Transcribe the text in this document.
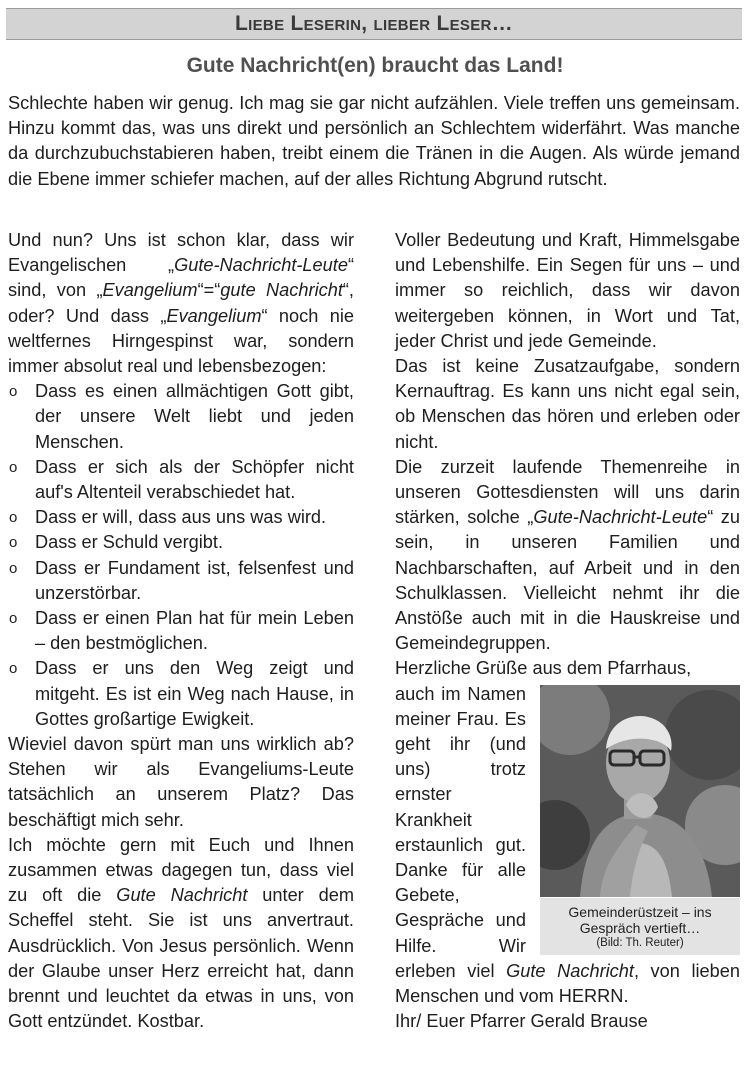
Liebe Leserin, lieber Leser…
Gute Nachricht(en) braucht das Land!

Schlechte haben wir genug. Ich mag sie gar nicht aufzählen. Viele treffen uns gemeinsam. Hinzu kommt das, was uns direkt und persönlich an Schlechtem widerfährt. Was manche da durchzubuchstabieren haben, treibt einem die Tränen in die Augen. Als würde jemand die Ebene immer schiefer machen, auf der alles Richtung Abgrund rutscht.

Und nun? Uns ist schon klar, dass wir Evangelischen „Gute-Nachricht-Leute“ sind, von „Evangelium“=“gute Nachricht“, oder? Und dass „Evangelium“ noch nie weltfernes Hirngespinst war, sondern immer absolut real und lebensbezogen:

o Dass es einen allmächtigen Gott gibt, der unsere Welt liebt und jeden Menschen.
o Dass er sich als der Schöpfer nicht auf's Altenteil verabschiedet hat.
o Dass er will, dass aus uns was wird.
o Dass er Schuld vergibt.
o Dass er Fundament ist, felsenfest und unzerstörbar.
o Dass er einen Plan hat für mein Leben – den bestmöglichen.
o Dass er uns den Weg zeigt und mitgeht. Es ist ein Weg nach Hause, in Gottes großartige Ewigkeit.

Wieviel davon spürt man uns wirklich ab? Stehen wir als Evangeliums-Leute tatsächlich an unserem Platz? Das beschäftigt mich sehr.

Ich möchte gern mit Euch und Ihnen zusammen etwas dagegen tun, dass viel zu oft die Gute Nachricht unter dem Scheffel steht. Sie ist uns anvertraut. Ausdrücklich. Von Jesus persönlich. Wenn der Glaube unser Herz erreicht hat, dann brennt und leuchtet da etwas in uns, von Gott entzündet. Kostbar.

Voller Bedeutung und Kraft, Himmelsgabe und Lebenshilfe. Ein Segen für uns – und immer so reichlich, dass wir davon weitergeben können, in Wort und Tat, jeder Christ und jede Gemeinde.

Das ist keine Zusatzaufgabe, sondern Kernauftrag. Es kann uns nicht egal sein, ob Menschen das hören und erleben oder nicht.

Die zurzeit laufende Themenreihe in unseren Gottesdiensten will uns darin stärken, solche „Gute-Nachricht-Leute“ zu sein, in unseren Familien und Nachbarschaften, auf Arbeit und in den Schulklassen. Vielleicht nehmt ihr die Anstöße auch mit in die Hauskreise und Gemeindegruppen.

Herzliche Grüße aus dem Pfarrhaus,

Gemeinderüstzeit – ins Gespräch vertieft…
(Bild: Th. Reuter)
auch im Namen meiner Frau. Es geht ihr (und uns) trotz ernster Krankheit erstaunlich gut. Danke für alle Gebete, Gespräche und Hilfe. Wir erleben viel Gute Nachricht, von lieben Menschen und vom HERRN.

Ihr/ Euer Pfarrer Gerald Brause
